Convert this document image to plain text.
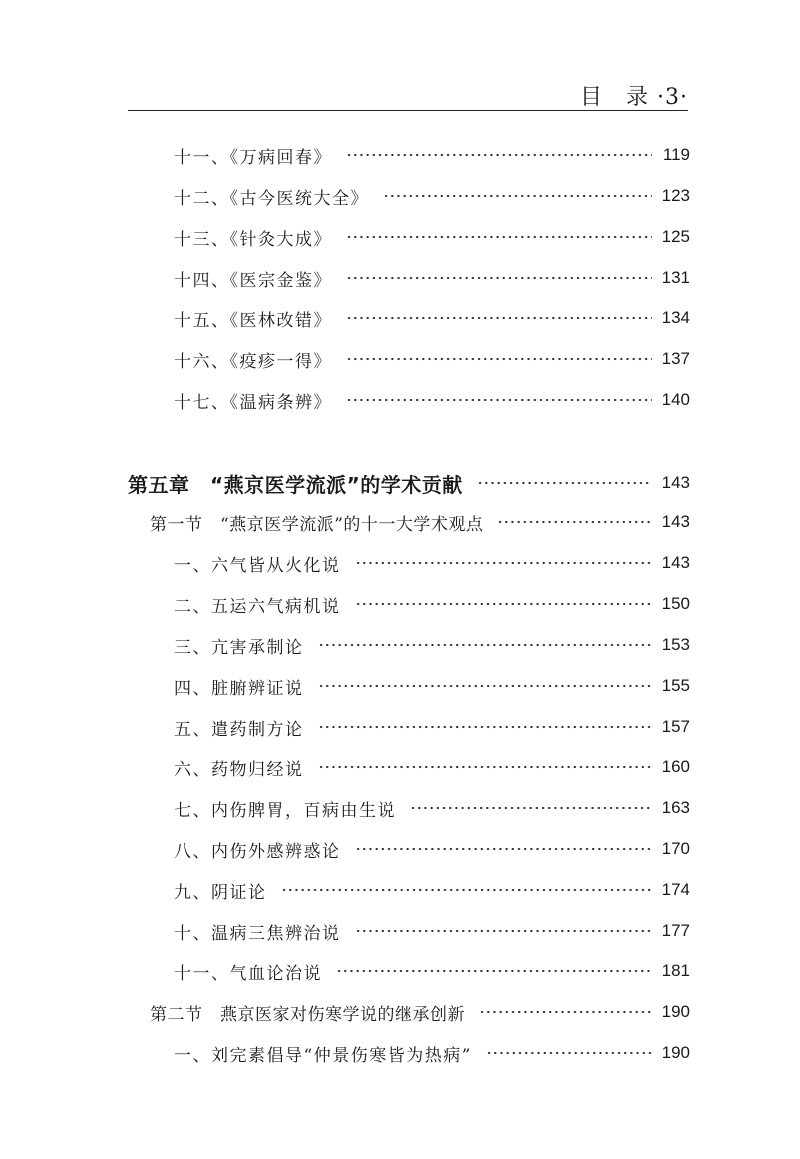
目　录 ·3·
十一、《万病回春》	119
十二、《古今医统大全》	123
十三、《针灸大成》	125
十四、《医宗金鉴》	131
十五、《医林改错》	134
十六、《疫疹一得》	137
十七、《温病条辨》	140
第五章　“燕京医学流派”的学术贡献	143
第一节　“燕京医学流派”的十一大学术观点	143
一、六气皆从火化说	143
二、五运六气病机说	150
三、亢害承制论	153
四、脏腑辨证说	155
五、遣药制方论	157
六、药物归经说	160
七、内伤脾胃，百病由生说	163
八、内伤外感辨惑论	170
九、阴证论	174
十、温病三焦辨治说	177
十一、气血论治说	181
第二节　燕京医家对伤寒学说的继承创新	190
一、刘完素倡导“仲景伤寒皆为热病”	190
